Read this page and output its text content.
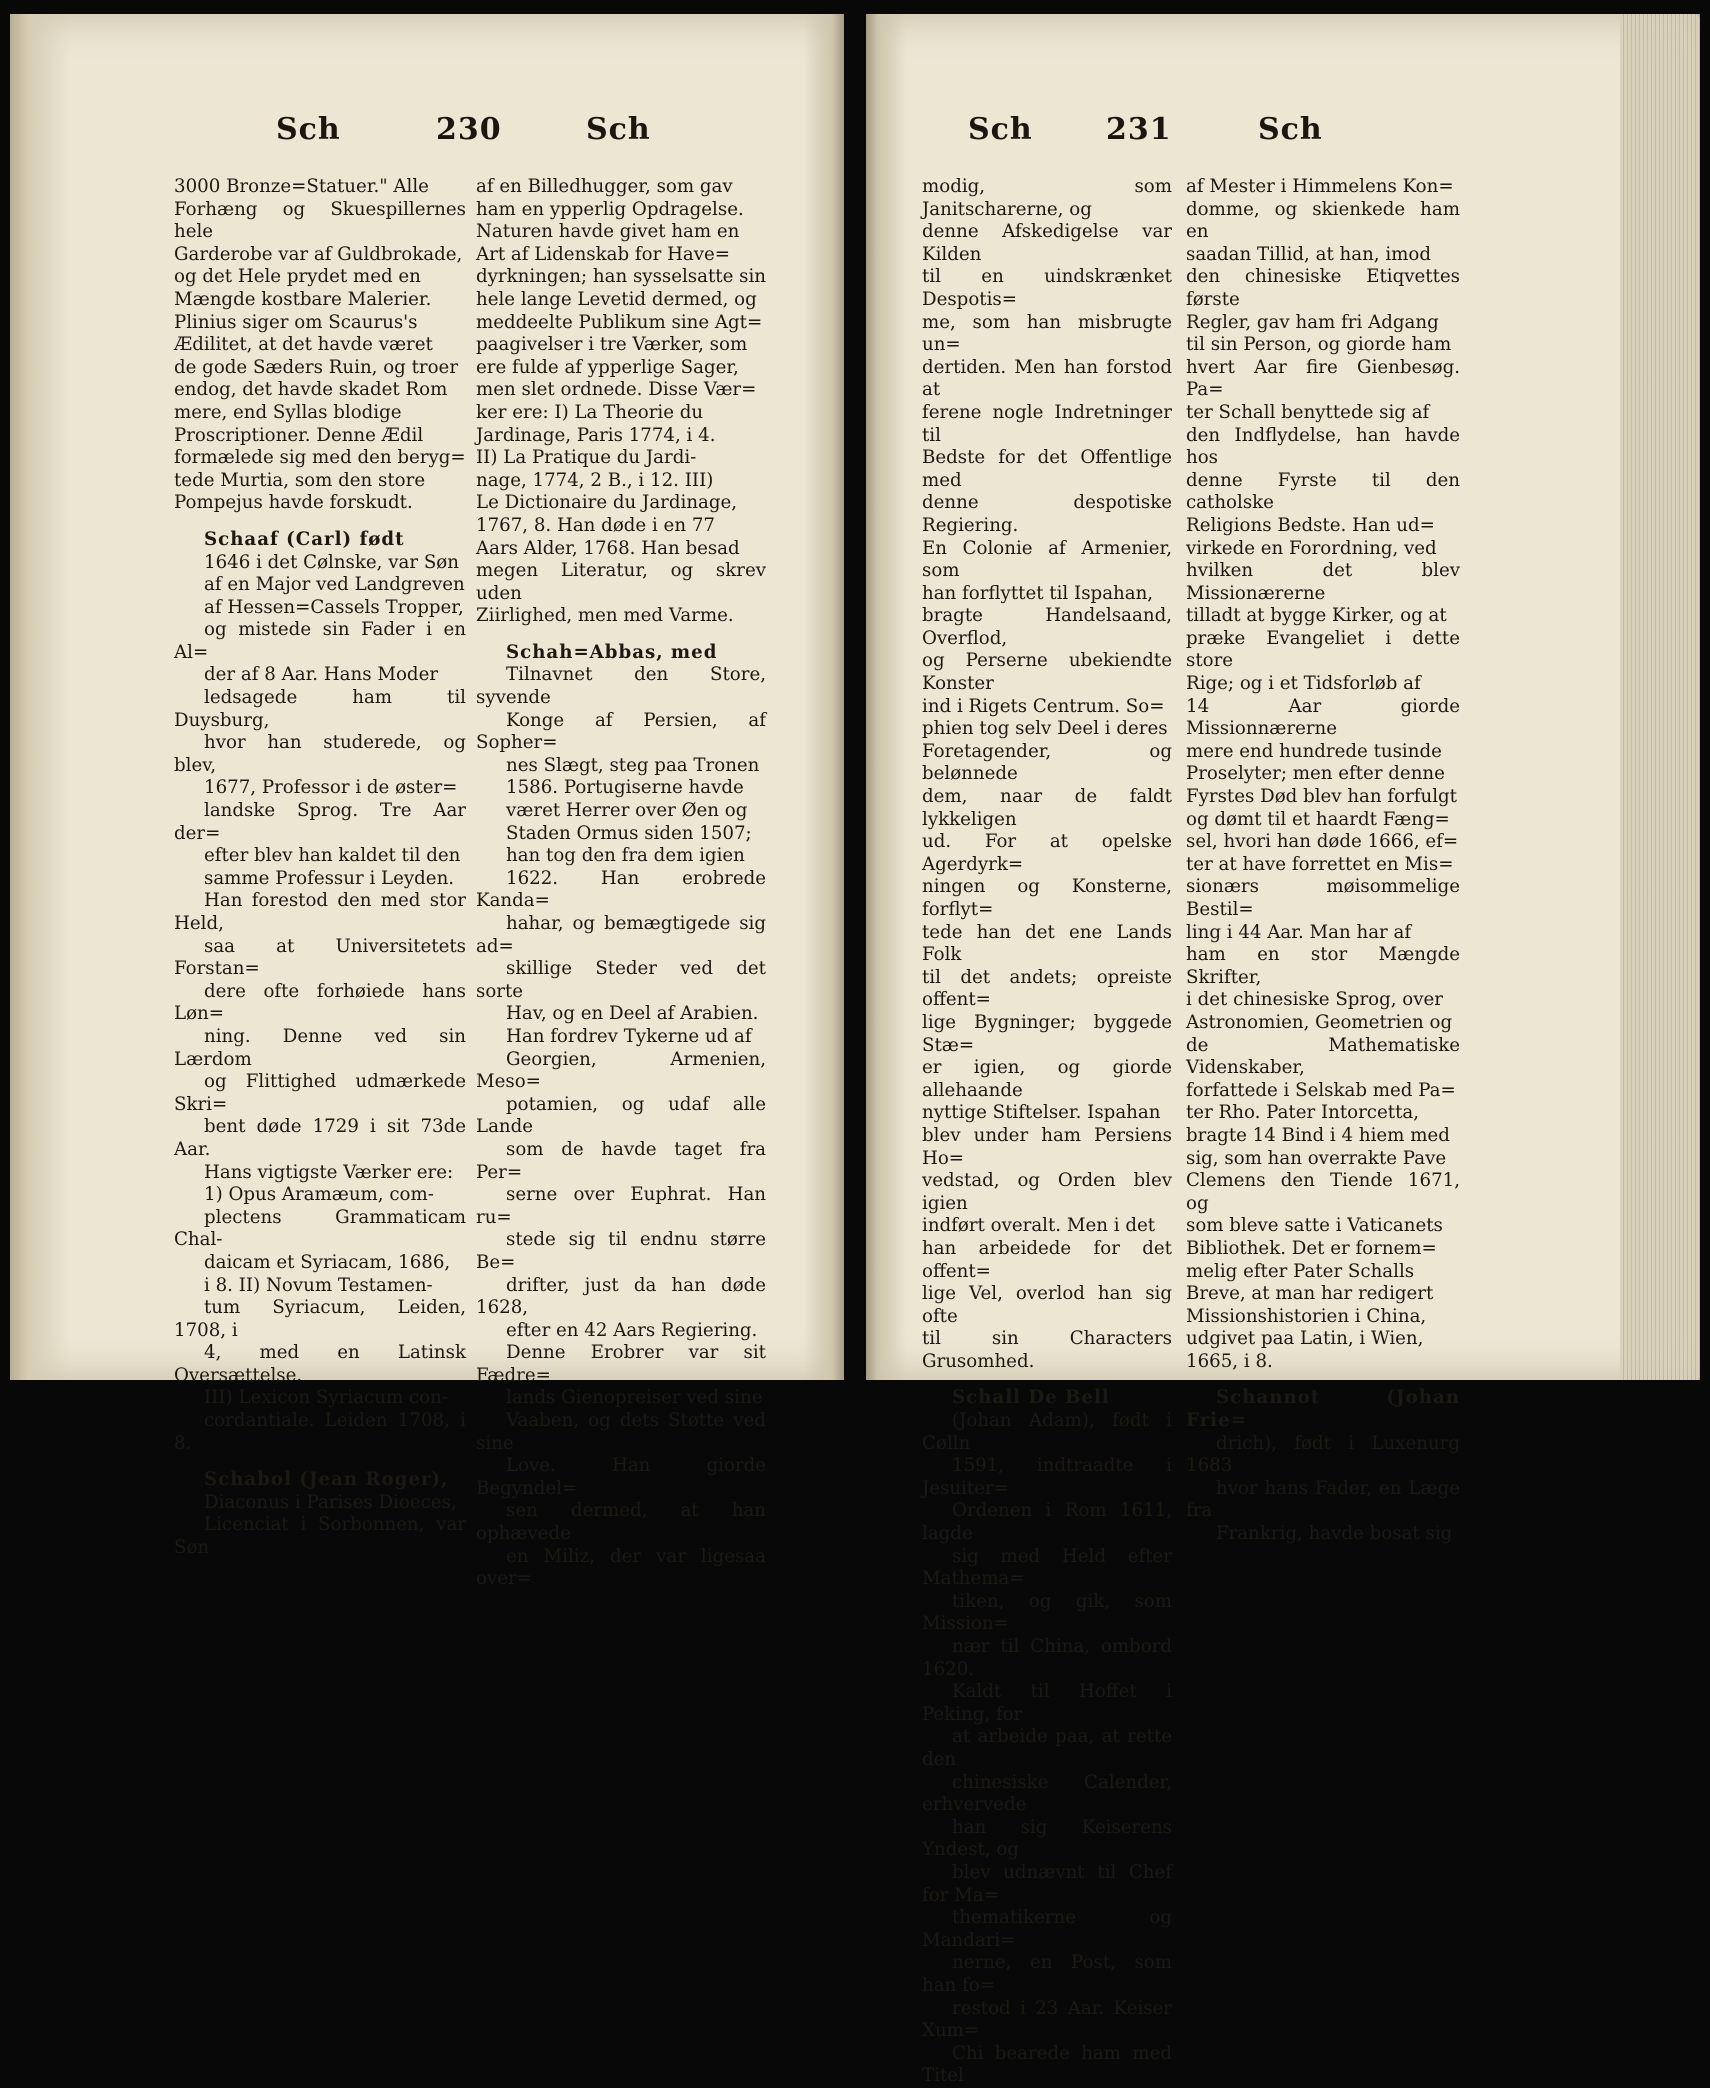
Sch	230	Sch

3000 Bronze=Statuer." Alle
Forhæng og Skuespillernes hele
Garderobe var af Guldbrokade,
og det Hele prydet med en
Mængde kostbare Malerier.
Plinius siger om Scaurus's
Ædilitet, at det havde været
de gode Sæders Ruin, og troer
endog, det havde skadet Rom
mere, end Syllas blodige
Proscriptioner. Denne Ædil
formælede sig med den beryg=
tede Murtia, som den store
Pompejus havde forskudt.

Schaaf (Carl) født
1646 i det Cølnske, var Søn
af en Major ved Landgreven
af Hessen=Cassels Tropper,
og mistede sin Fader i en Al=
der af 8 Aar. Hans Moder
ledsagede ham til Duysburg,
hvor han studerede, og blev,
1677, Professor i de øster=
landske Sprog. Tre Aar der=
efter blev han kaldet til den
samme Professur i Leyden.
Han forestod den med stor Held,
saa at Universitetets Forstan=
dere ofte forhøiede hans Løn=
ning. Denne ved sin Lærdom
og Flittighed udmærkede Skri=
bent døde 1729 i sit 73de Aar.
Hans vigtigste Værker ere:
1) Opus Aramæum, com-
plectens Grammaticam Chal-
daicam et Syriacam, 1686,
i 8. II) Novum Testamen-
tum Syriacum, Leiden, 1708, i
4, med en Latinsk Oversættelse.
III) Lexicon Syriacum con-
cordantiale. Leiden 1708, i 8.

Schabol (Jean Roger),
Diaconus i Parises Dioeces,
Licenciat i Sorbonnen, var Søn

af en Billedhugger, som gav
ham en ypperlig Opdragelse.
Naturen havde givet ham en
Art af Lidenskab for Have=
dyrkningen; han sysselsatte sin
hele lange Levetid dermed, og
meddeelte Publikum sine Agt=
paagivelser i tre Værker, som
ere fulde af ypperlige Sager,
men slet ordnede. Disse Vær=
ker ere: I) La Theorie du
Jardinage, Paris 1774, i 4.
II) La Pratique du Jardi-
nage, 1774, 2 B., i 12. III)
Le Dictionaire du Jardinage,
1767, 8. Han døde i en 77
Aars Alder, 1768. Han besad
megen Literatur, og skrev uden
Ziirlighed, men med Varme.

Schah=Abbas, med
Tilnavnet den Store, syvende
Konge af Persien, af Sopher=
nes Slægt, steg paa Tronen
1586. Portugiserne havde
været Herrer over Øen og
Staden Ormus siden 1507;
han tog den fra dem igien
1622. Han erobrede Kanda=
hahar, og bemægtigede sig ad=
skillige Steder ved det sorte
Hav, og en Deel af Arabien.
Han fordrev Tykerne ud af
Georgien, Armenien, Meso=
potamien, og udaf alle Lande
som de havde taget fra Per=
serne over Euphrat. Han ru=
stede sig til endnu større Be=
drifter, just da han døde 1628,
efter en 42 Aars Regiering.
Denne Erobrer var sit Fædre=
lands Gienopreiser ved sine
Vaaben, og dets Støtte ved sine
Love. Han giorde Begyndel=
sen dermed, at han ophævede
en Miliz, der var ligesaa over=

Sch 231	Sch

modig, som Janitscharerne, og
denne Afskedigelse var Kilden
til en uindskrænket Despotis=
me, som han misbrugte un=
dertiden. Men han forstod at
ferene nogle Indretninger til
Bedste for det Offentlige med
denne despotiske Regiering.
En Colonie af Armenier, som
han forflyttet til Ispahan,
bragte Handelsaand, Overflod,
og Perserne ubekiendte Konster
ind i Rigets Centrum. So=
phien tog selv Deel i deres
Foretagender, og belønnede
dem, naar de faldt lykkeligen
ud. For at opelske Agerdyrk=
ningen og Konsterne, forflyt=
tede han det ene Lands Folk
til det andets; opreiste offent=
lige Bygninger; byggede Stæ=
er igien, og giorde allehaande
nyttige Stiftelser. Ispahan
blev under ham Persiens Ho=
vedstad, og Orden blev igien
indført overalt. Men i det
han arbeidede for det offent=
lige Vel, overlod han sig ofte
til sin Characters Grusomhed.

Schall De Bell
(Johan Adam), født i Cølln
1591, indtraadte i Jesuiter=
Ordenen i Rom 1611, lagde
sig med Held efter Mathema=
tiken, og gik, som Mission=
nær til China, ombord 1620.
Kaldt til Hoffet i Peking, for
at arbeide paa, at rette den
chinesiske Calender, erhvervede
han sig Keiserens Yndest, og
blev udnævnt til Chef for Ma=
thematikerne og Mandari=
nerne, en Post, som han fo=
restod i 23 Aar. Keiser Xum=
Chi bearede ham med Titel

af Mester i Himmelens Kon=
domme, og skienkede ham en
saadan Tillid, at han, imod
den chinesiske Etiqvettes første
Regler, gav ham fri Adgang
til sin Person, og giorde ham
hvert Aar fire Gienbesøg. Pa=
ter Schall benyttede sig af
den Indflydelse, han havde hos
denne Fyrste til den catholske
Religions Bedste. Han ud=
virkede en Forordning, ved
hvilken det blev Missionærerne
tilladt at bygge Kirker, og at
præke Evangeliet i dette store
Rige; og i et Tidsforløb af
14 Aar giorde Missionnærerne
mere end hundrede tusinde
Proselyter; men efter denne
Fyrstes Død blev han forfulgt
og dømt til et haardt Fæng=
sel, hvori han døde 1666, ef=
ter at have forrettet en Mis=
sionærs møisommelige Bestil=
ling i 44 Aar. Man har af
ham en stor Mængde Skrifter,
i det chinesiske Sprog, over
Astronomien, Geometrien og
de Mathematiske Videnskaber,
forfattede i Selskab med Pa=
ter Rho. Pater Intorcetta,
bragte 14 Bind i 4 hiem med
sig, som han overrakte Pave
Clemens den Tiende 1671, og
som bleve satte i Vaticanets
Bibliothek. Det er fornem=
melig efter Pater Schalls
Breve, at man har redigert
Missionshistorien i China,
udgivet paa Latin, i Wien,
1665, i 8.

Schannot (Johan Frie=
drich), født i Luxenurg 1683
hvor hans Fader, en Læge fra
Frankrig, havde bosat sig
